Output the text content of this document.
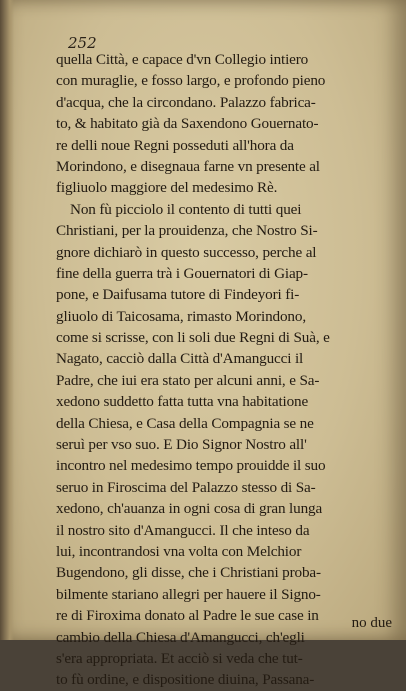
252
quella Città, e capace d'vn Collegio intiero
con muraglie, e fosso largo, e profondo pieno
d'acqua, che la circondano. Palazzo fabrica-
to, & habitato già da Saxendono Gouernato-
re delli noue Regni posseduti all'hora da
Morindono, e disegnaua farne vn presente al
figliuolo maggiore del medesimo Rè.
Non fù picciolo il contento di tutti quei
Christiani, per la prouidenza, che Nostro Si-
gnore dichiarò in questo successo, perche al
fine della guerra trà i Gouernatori di Giap-
pone, e Daifusama tutore di Findeyori fi-
gliuolo di Taicosama, rimasto Morindono,
come si scrisse, con li soli due Regni di Suà, e
Nagato, cacciò dalla Città d'Amangucci il
Padre, che iui era stato per alcuni anni, e Sa-
xedono suddetto fatta tutta vna habitatione
della Chiesa, e Casa della Compagnia se ne
seruì per vso suo. E Dio Signor Nostro all'
incontro nel medesimo tempo prouidde il suo
seruo in Firoscima del Palazzo stesso di Sa-
xedono, ch'auanza in ogni cosa di gran lunga
il nostro sito d'Amangucci. Il che inteso da
lui, incontrandosi vna volta con Melchior
Bugendono, gli disse, che i Christiani proba-
bilmente stariano allegri per hauere il Signo-
re di Firoxima donato al Padre le sue case in
cambio della Chiesa d'Amangucci, ch'egli
s'era appropriata. Et acciò si veda che tut-
to fù ordine, e dispositione diuina, Passana-
no due
